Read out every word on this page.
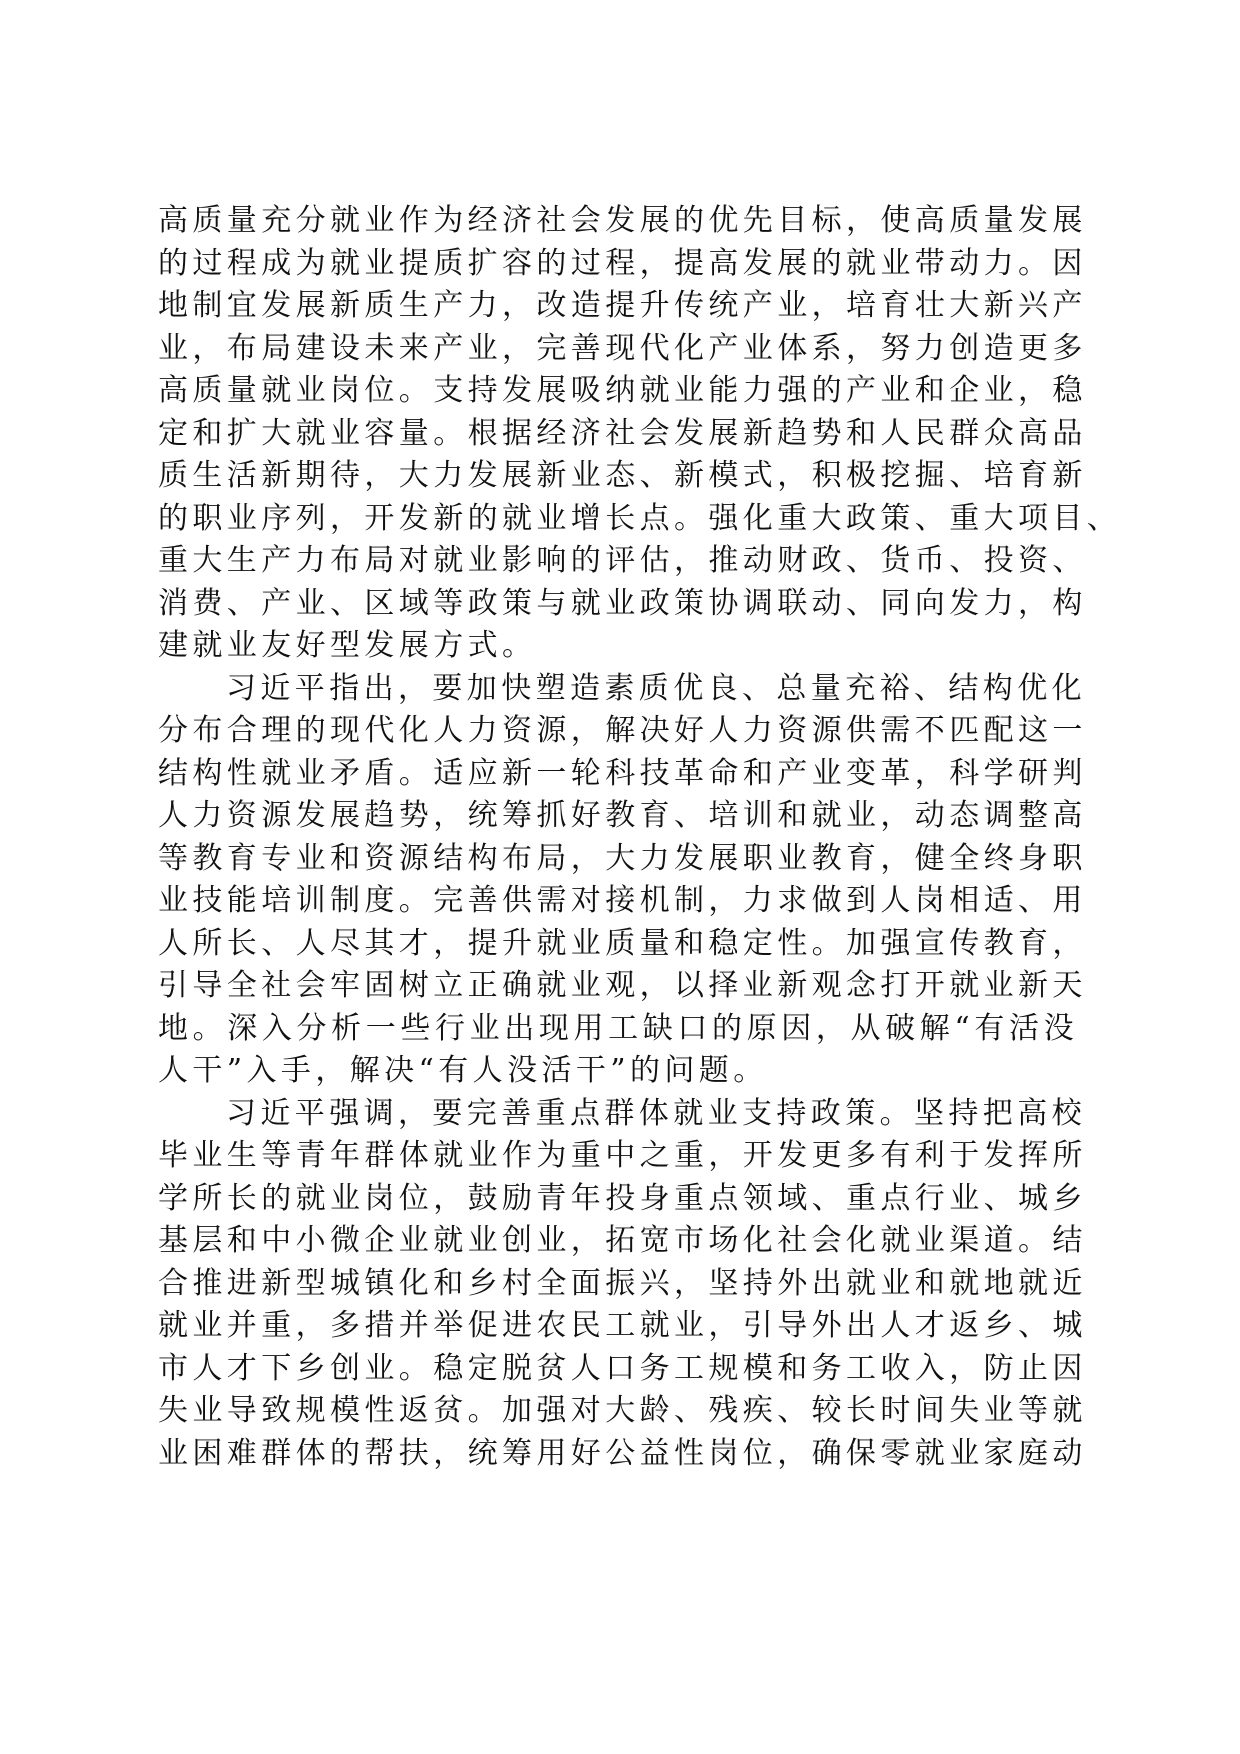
高质量充分就业作为经济社会发展的优先目标，使高质量发展
的过程成为就业提质扩容的过程，提高发展的就业带动力。因
地制宜发展新质生产力，改造提升传统产业，培育壮大新兴产
业，布局建设未来产业，完善现代化产业体系，努力创造更多
高质量就业岗位。支持发展吸纳就业能力强的产业和企业，稳
定和扩大就业容量。根据经济社会发展新趋势和人民群众高品
质生活新期待，大力发展新业态、新模式，积极挖掘、培育新
的职业序列，开发新的就业增长点。强化重大政策、重大项目、
重大生产力布局对就业影响的评估，推动财政、货币、投资、
消费、产业、区域等政策与就业政策协调联动、同向发力，构
建就业友好型发展方式。
习近平指出，要加快塑造素质优良、总量充裕、结构优化
分布合理的现代化人力资源，解决好人力资源供需不匹配这一
结构性就业矛盾。适应新一轮科技革命和产业变革，科学研判
人力资源发展趋势，统筹抓好教育、培训和就业，动态调整高
等教育专业和资源结构布局，大力发展职业教育，健全终身职
业技能培训制度。完善供需对接机制，力求做到人岗相适、用
人所长、人尽其才，提升就业质量和稳定性。加强宣传教育，
引导全社会牢固树立正确就业观，以择业新观念打开就业新天
地。深入分析一些行业出现用工缺口的原因，从破解“有活没
人干”入手，解决“有人没活干”的问题。
习近平强调，要完善重点群体就业支持政策。坚持把高校
毕业生等青年群体就业作为重中之重，开发更多有利于发挥所
学所长的就业岗位，鼓励青年投身重点领域、重点行业、城乡
基层和中小微企业就业创业，拓宽市场化社会化就业渠道。结
合推进新型城镇化和乡村全面振兴，坚持外出就业和就地就近
就业并重，多措并举促进农民工就业，引导外出人才返乡、城
市人才下乡创业。稳定脱贫人口务工规模和务工收入，防止因
失业导致规模性返贫。加强对大龄、残疾、较长时间失业等就
业困难群体的帮扶，统筹用好公益性岗位，确保零就业家庭动
